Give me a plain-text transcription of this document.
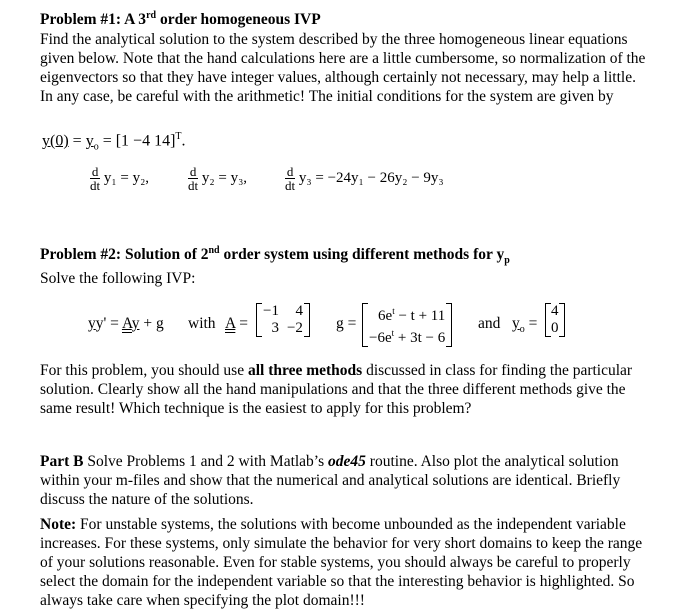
Problem #1: A 3rd order homogeneous IVP

Find the analytical solution to the system described by the three homogeneous linear equations

given below. Note that the hand calculations here are a little cumbersome, so normalization of the

eigenvectors so that they have integer values, although certainly not necessary, may help a little.

In any case, be careful with the arithmetic! The initial conditions for the system are given by

$y(0) = y_o = [1 -4$ 14]$^T$.
$\frac{d}{dt} y_1 = y_2$,	$\frac{d}{dt} y_2 = y_3$,	$\frac{d}{dt} y_3 = -24y_1 - 26y_2 - 9y_3$

Problem #2: Solution of 2nd order system using different methods for $y_p$

Solve the following IVP:

yy' = Ay + g with A =
−1	4
3	−2 $g = 6e^t - t + 11$
$-6e^t + 3t - 6$
and $y_o$ =
4
0

For this problem, you should use all three methods discussed in class for finding the particular

solution. Clearly show all the hand manipulations and that the three different methods give the

same result! Which technique is the easiest to apply for this problem?

Part B Solve Problems 1 and 2 with Matlab’s ode45 routine. Also plot the analytical solution

within your m-files and show that the numerical and analytical solutions are identical. Briefly

discuss the nature of the solutions.

Note: For unstable systems, the solutions with become unbounded as the independent variable

increases. For these systems, only simulate the behavior for very short domains to keep the range

of your solutions reasonable. Even for stable systems, you should always be careful to properly

select the domain for the independent variable so that the interesting behavior is highlighted. So

always take care when specifying the plot domain!!!
